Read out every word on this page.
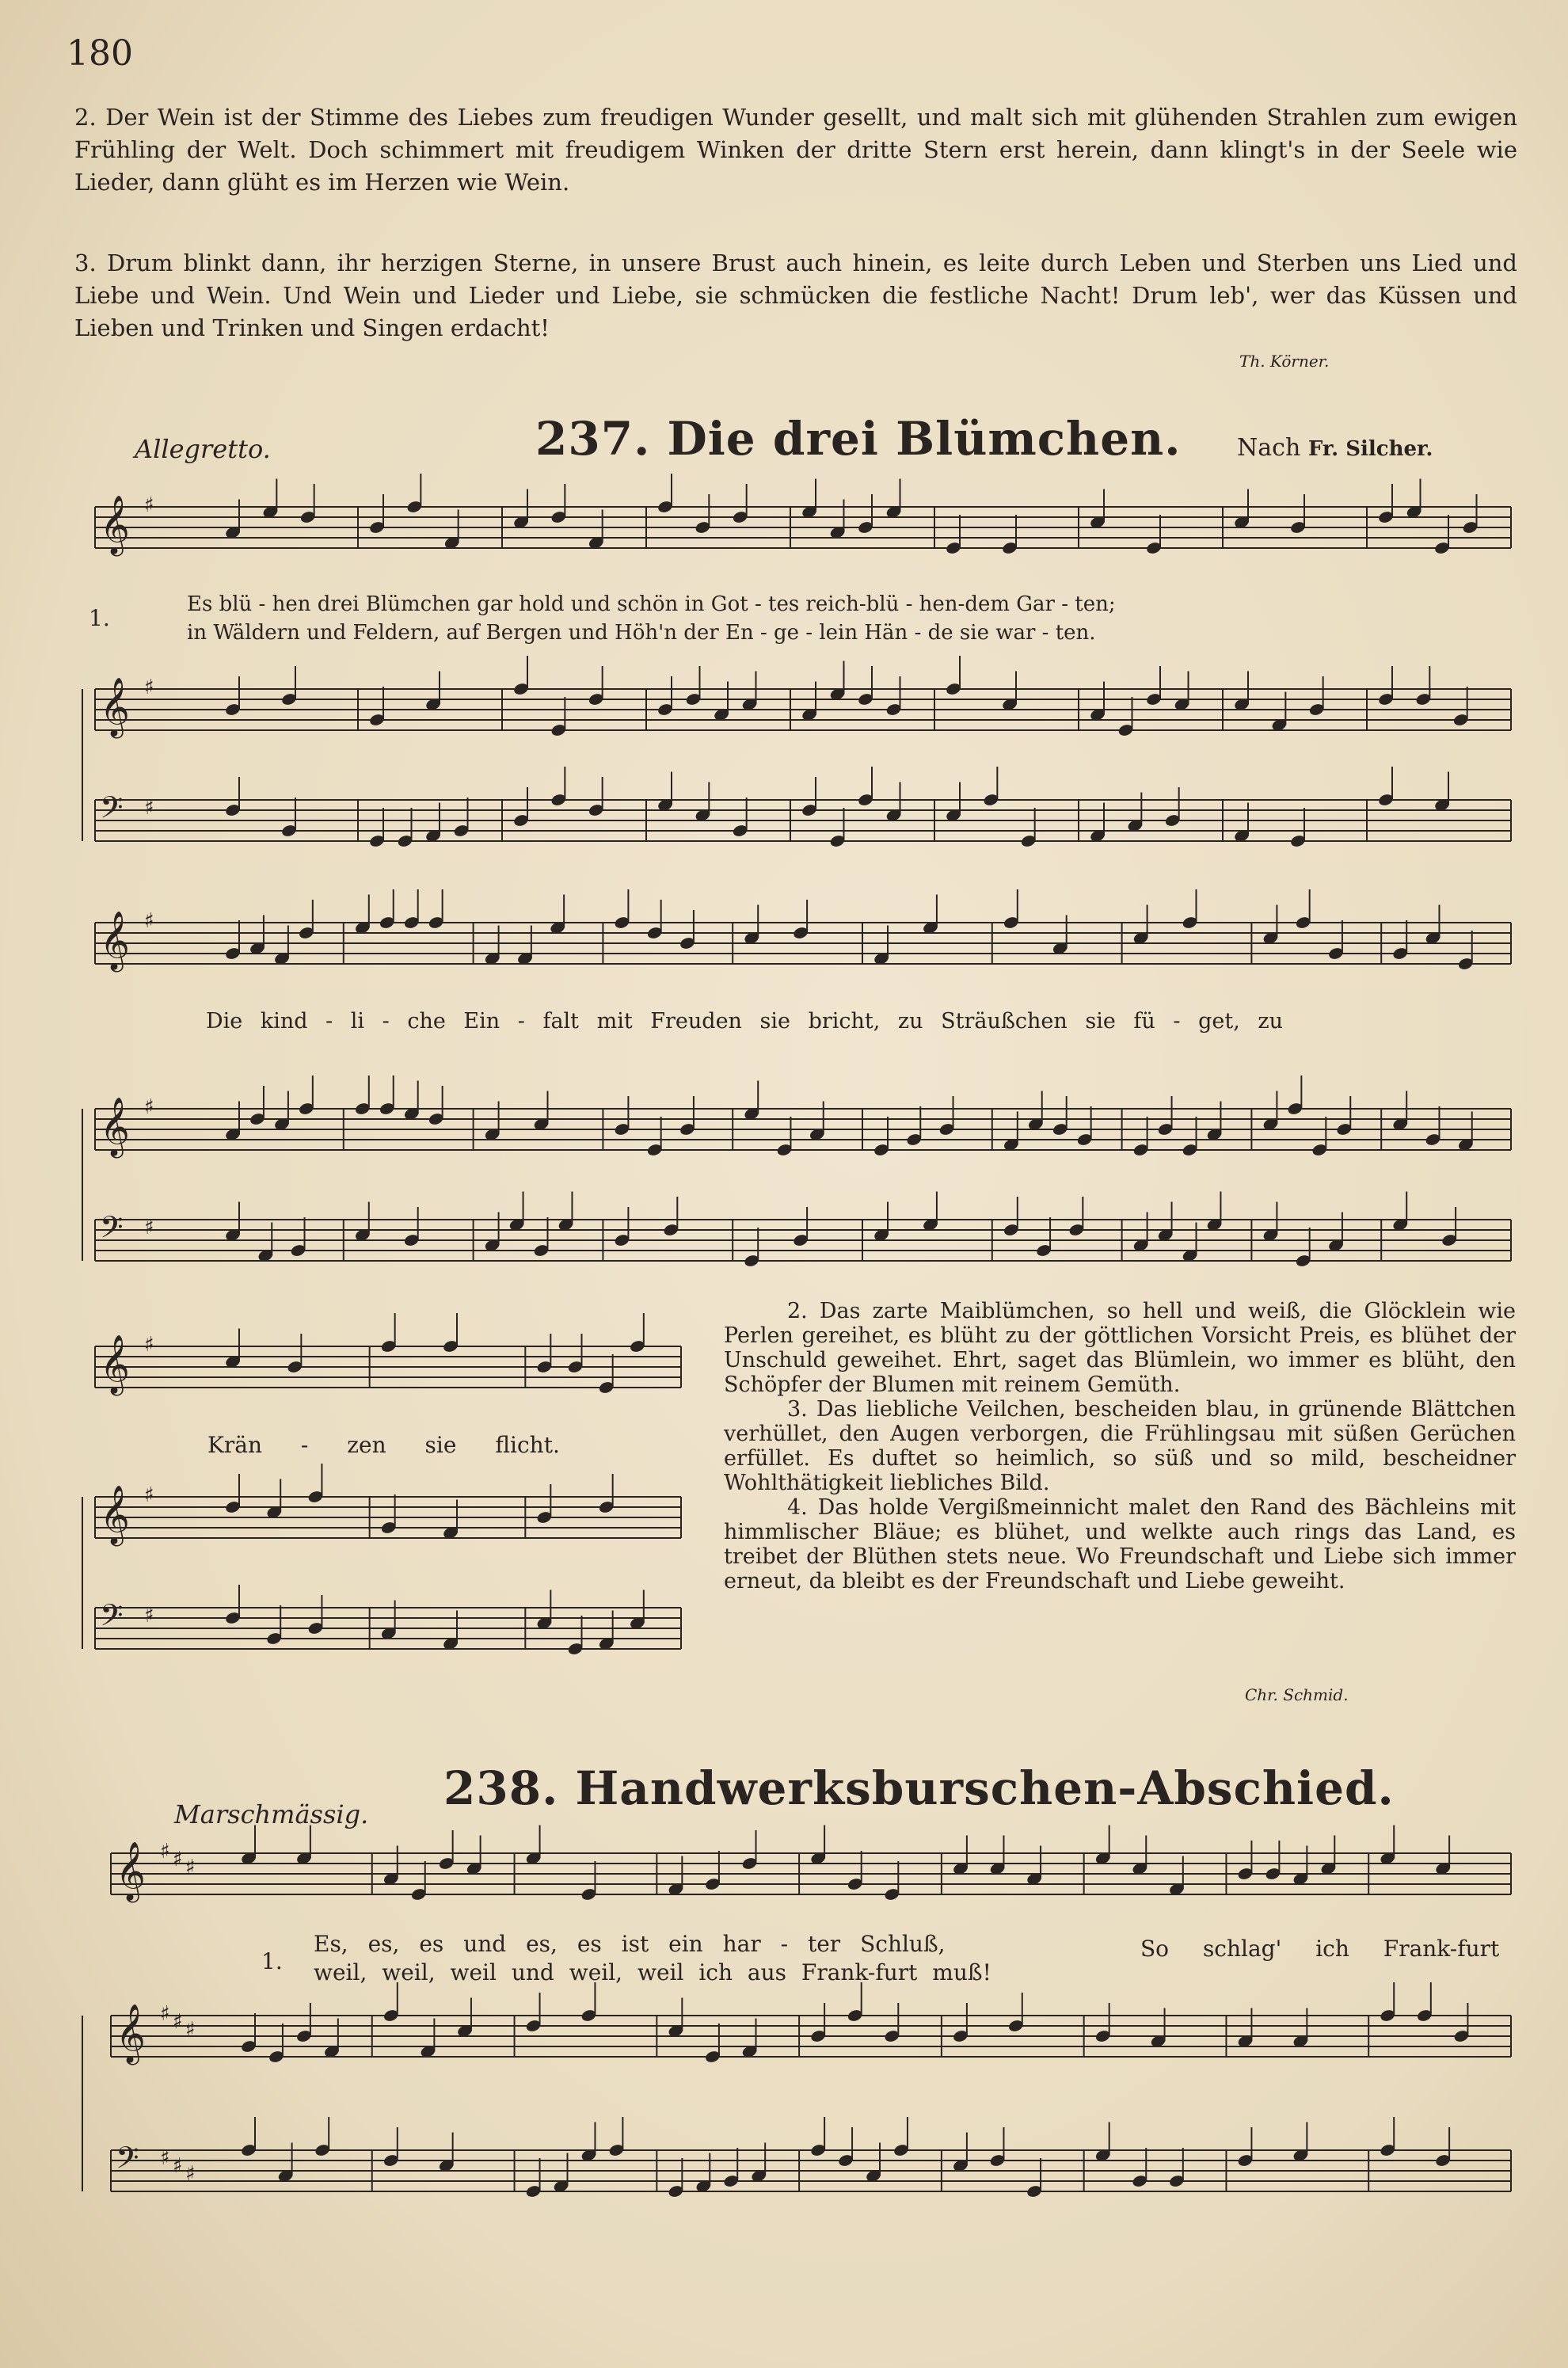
180
2. Der Wein ist der Stimme des Liebes zum freudigen Wunder gesellt, und malt sich mit glühenden Strahlen zum ewigen Frühling der Welt. Doch schimmert mit freudigem Winken der dritte Stern erst herein, dann klingt's in der Seele wie Lieder, dann glüht es im Herzen wie Wein.
3. Drum blinkt dann, ihr herzigen Sterne, in unsere Brust auch hinein, es leite durch Leben und Sterben uns Lied und Liebe und Wein. Und Wein und Lieder und Liebe, sie schmücken die festliche Nacht! Drum leb', wer das Küssen und Lieben und Trinken und Singen erdacht!
Th. Körner.
Allegretto.	237. Die drei Blümchen. Nach Fr. Silcher.
1.
Es blü - hen drei Blümchen gar hold und schön in Got - tes reich-blü - hen-dem Gar - ten;
in Wäldern und Feldern, auf Bergen und Höh'n der En - ge - lein Hän - de sie war - ten.
Die kind - li - che Ein - falt mit Freuden sie bricht, zu Sträußchen sie fü - get, zu
Krän - zen sie flicht.

2. Das zarte Maiblümchen, so hell und weiß, die Glöcklein wie Perlen gereihet, es blüht zu der göttlichen Vorsicht Preis, es blühet der Unschuld geweihet. Ehrt, saget das Blümlein, wo immer es blüht, den Schöpfer der Blumen mit reinem Gemüth.

3. Das liebliche Veilchen, bescheiden blau, in grünende Blättchen verhüllet, den Augen verborgen, die Frühlingsau mit süßen Gerüchen erfüllet. Es duftet so heimlich, so süß und so mild, bescheidner Wohlthätigkeit liebliches Bild.

4. Das holde Vergißmeinnicht malet den Rand des Bächleins mit himmlischer Bläue; es blühet, und welkte auch rings das Land, es treibet der Blüthen stets neue. Wo Freundschaft und Liebe sich immer erneut, da bleibt es der Freundschaft und Liebe geweiht.

Chr. Schmid.
238. Handwerksburschen-Abschied.
Marschmässig.
1.
Es, es, es und es, es ist ein har - ter Schluß,
weil, weil, weil und weil, weil ich aus Frank-furt muß!
So schlag' ich Frank-furt
𝄞 ♯
𝄞 ♯
𝄢 ♯
𝄞 ♯
𝄞 ♯
𝄢 ♯
𝄞 ♯
𝄞 ♯
𝄢 ♯
𝄞 ♯ ♯ ♯
𝄞 ♯ ♯ ♯
𝄢 ♯ ♯ ♯
